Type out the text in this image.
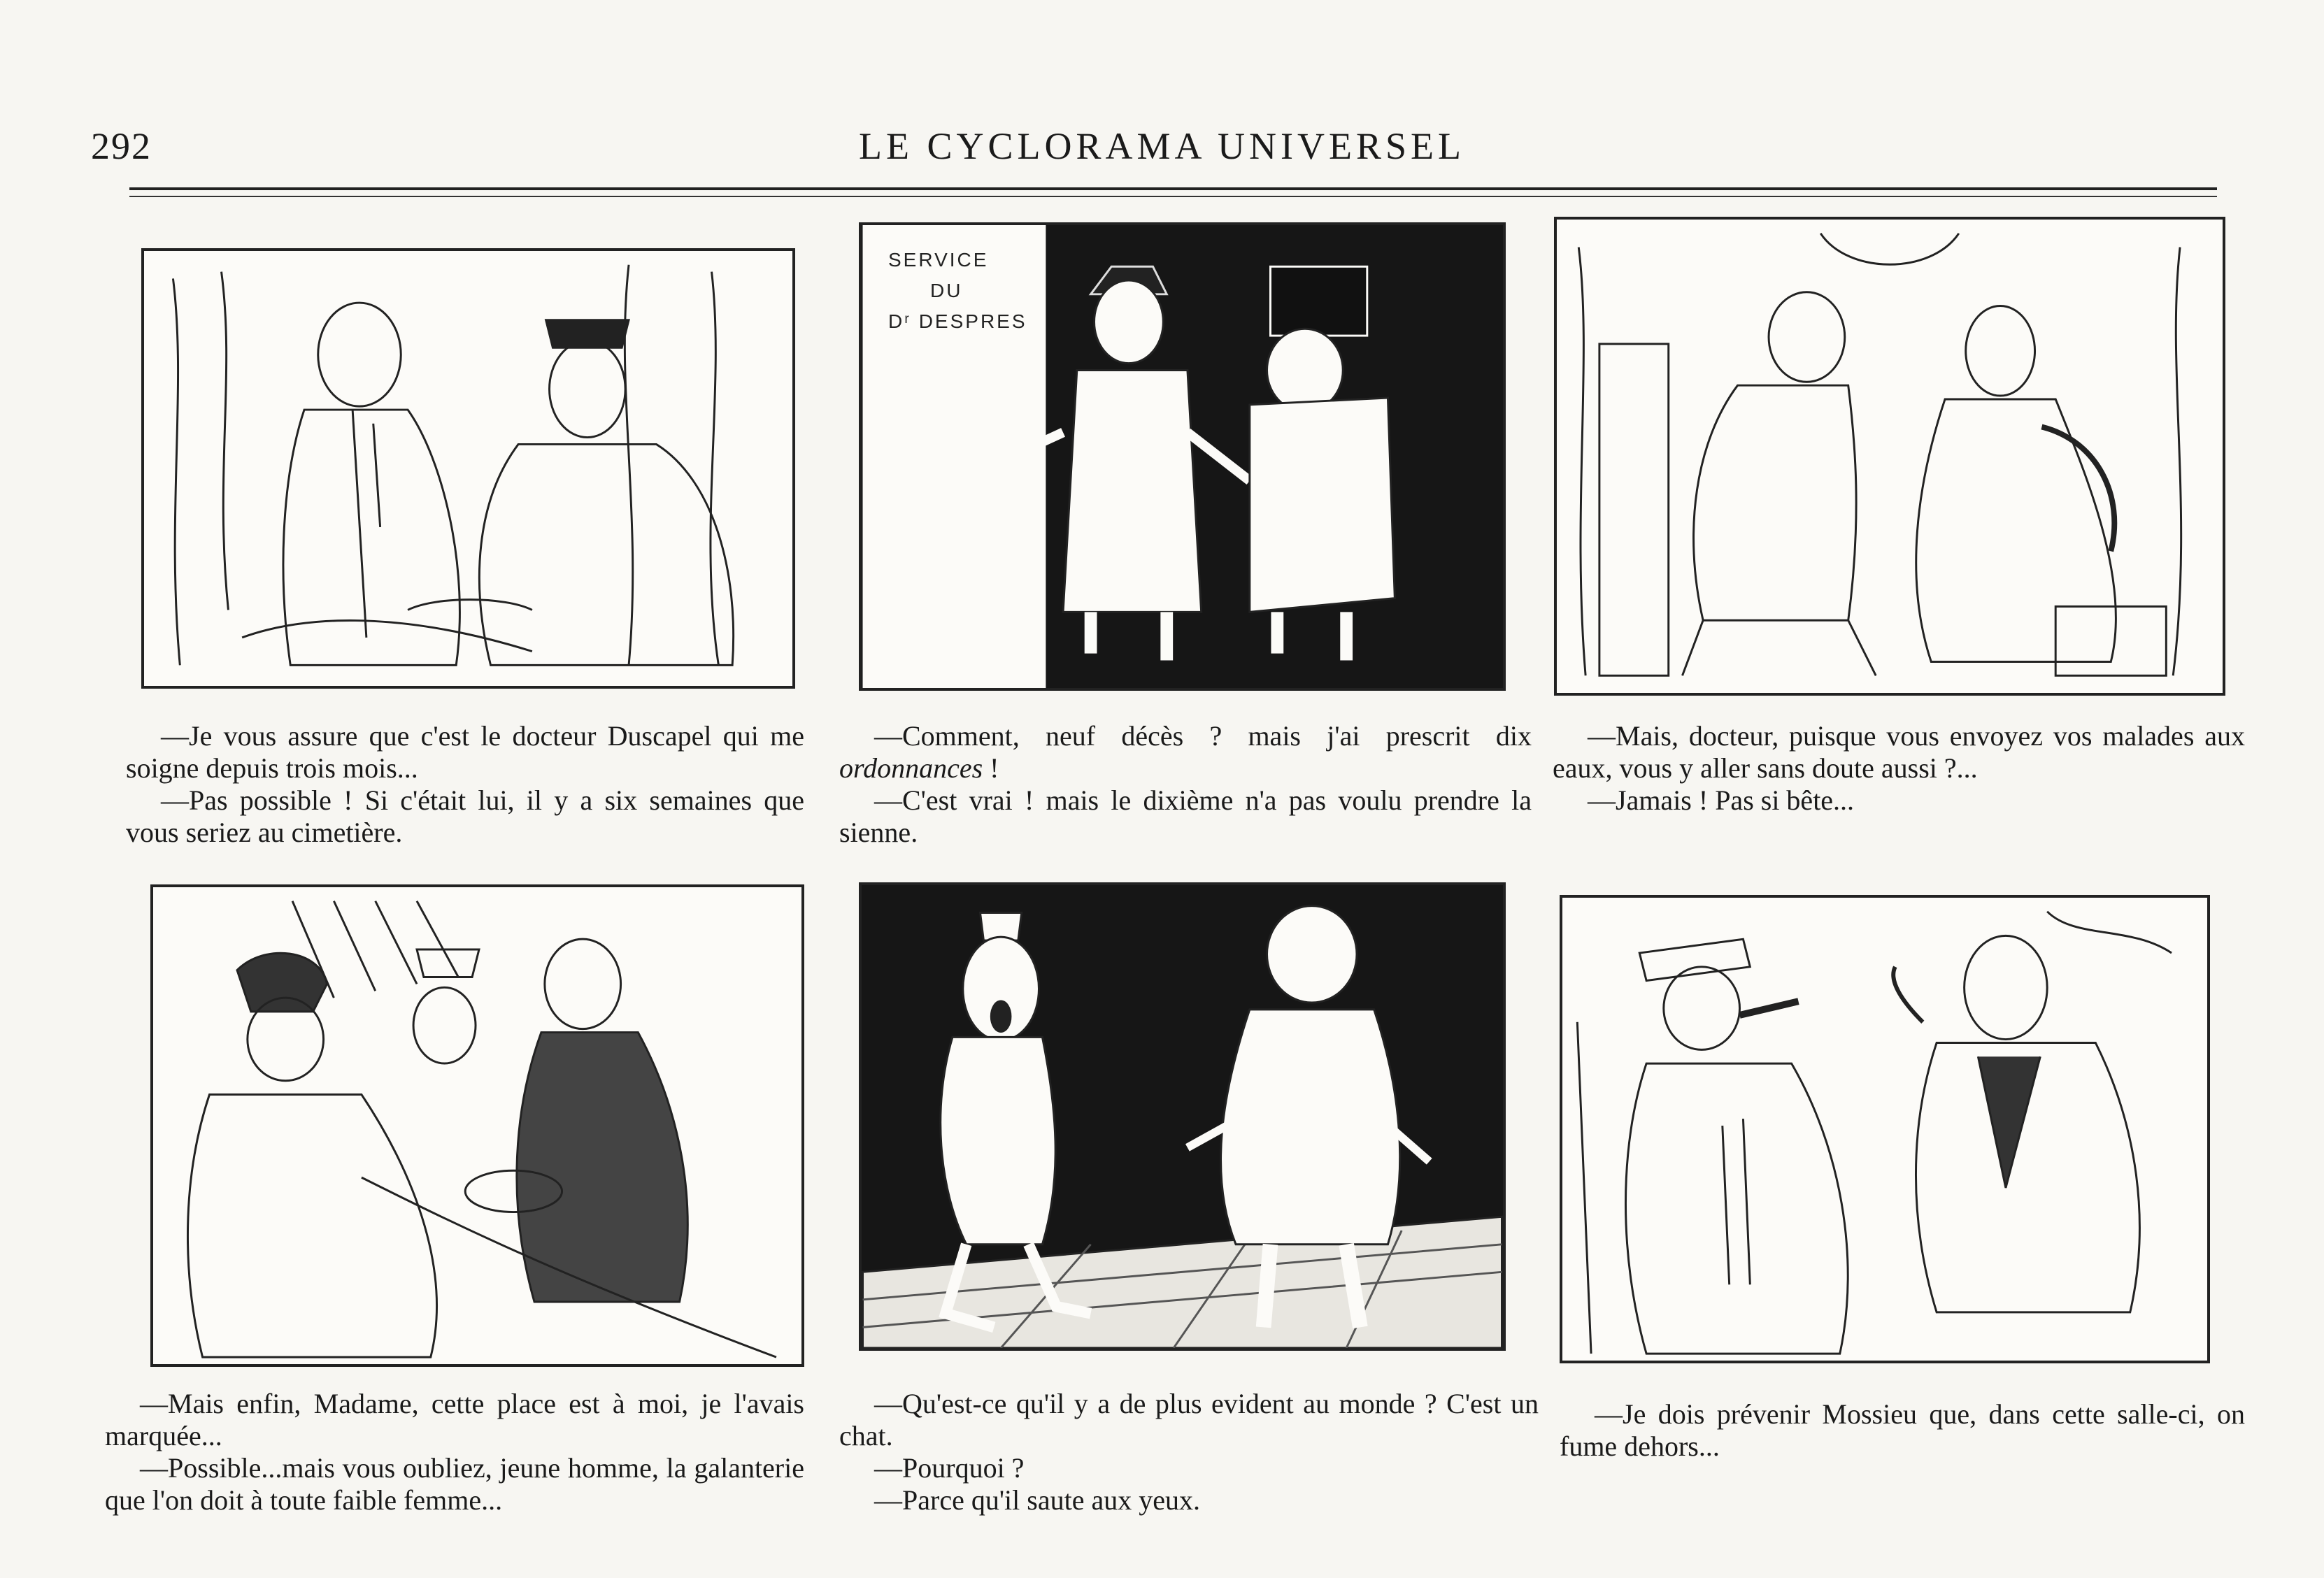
292	LE CYCLORAMA UNIVERSEL

—Je vous assure que c'est le docteur Duscapel qui me soigne depuis trois mois...

—Pas possible ! Si c'était lui, il y a six semaines que vous seriez au cimetière.

SERVICE
DU
Dʳ DESPRES

—Comment, neuf décès ? mais j'ai prescrit dix ordonnances !

—C'est vrai ! mais le dixième n'a pas voulu prendre la sienne.

—Mais, docteur, puisque vous envoyez vos malades aux eaux, vous y aller sans doute aussi ?...

—Jamais ! Pas si bête...

—Mais enfin, Madame, cette place est à moi, je l'avais marquée...

—Possible...mais vous oubliez, jeune homme, la galanterie que l'on doit à toute faible femme...

—Qu'est-ce qu'il y a de plus evident au monde ? C'est un chat.

—Pourquoi ?

—Parce qu'il saute aux yeux.

—Je dois prévenir Mossieu que, dans cette salle-ci, on fume dehors...
